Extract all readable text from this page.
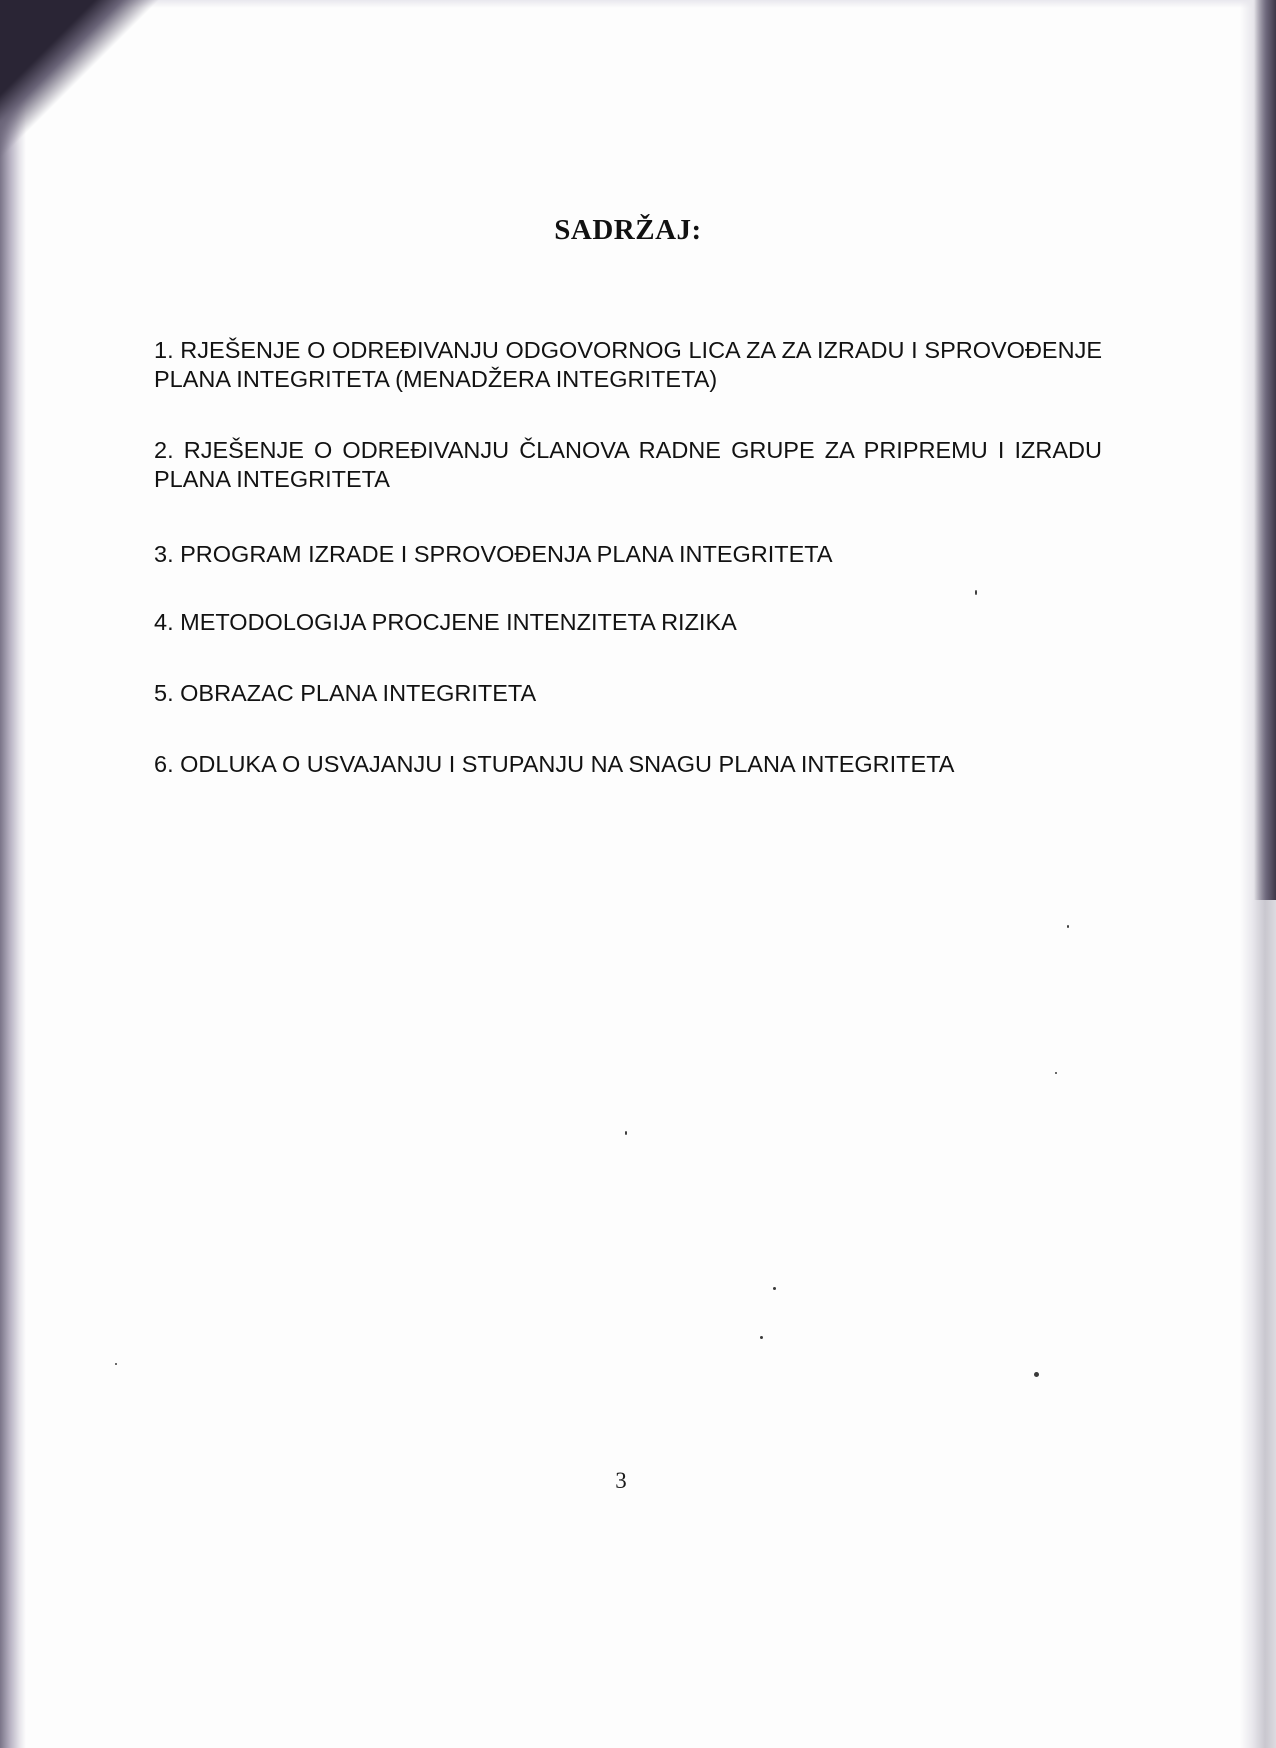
SADRŽAJ:
1. RJEŠENJE O ODREĐIVANJU ODGOVORNOG LICA ZA ZA IZRADU I SPROVOĐENJE PLANA INTEGRITETA (MENADŽERA INTEGRITETA)
2. RJEŠENJE O ODREĐIVANJU ČLANOVA RADNE GRUPE ZA PRIPREMU I IZRADU PLANA INTEGRITETA
3. PROGRAM IZRADE I SPROVOĐENJA PLANA INTEGRITETA
4. METODOLOGIJA PROCJENE INTENZITETA RIZIKA
5. OBRAZAC PLANA INTEGRITETA
6. ODLUKA O USVAJANJU I STUPANJU NA SNAGU PLANA INTEGRITETA
3
